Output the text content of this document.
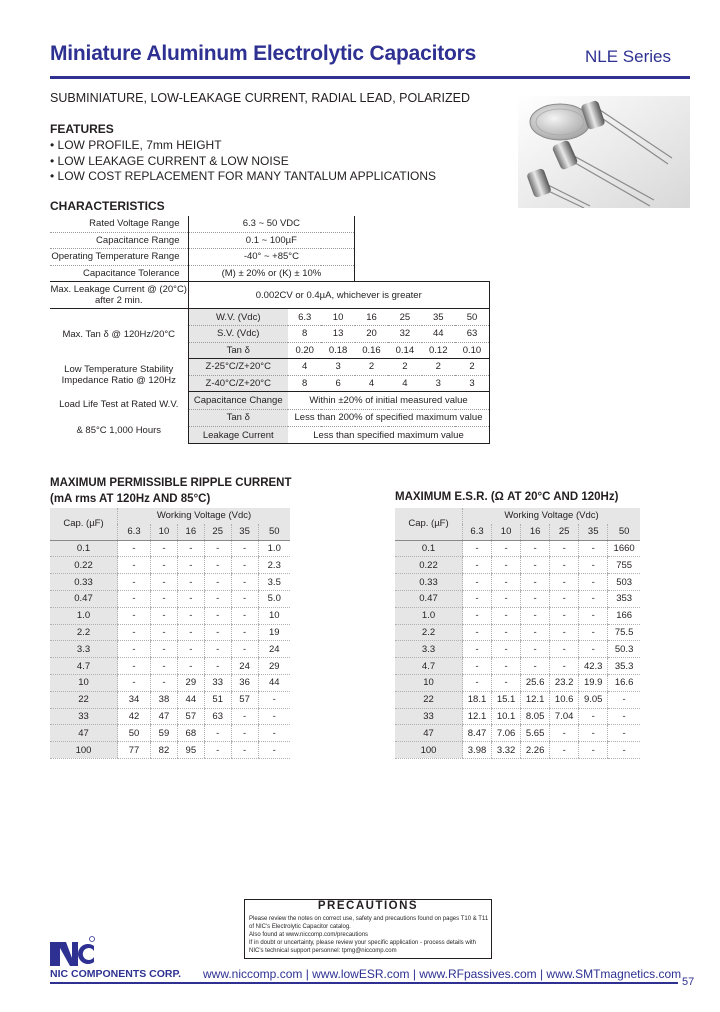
Miniature Aluminum Electrolytic Capacitors	NLE Series
SUBMINIATURE, LOW-LEAKAGE CURRENT, RADIAL LEAD, POLARIZED
FEATURES
• LOW PROFILE, 7mm HEIGHT
• LOW LEAKAGE CURRENT & LOW NOISE
• LOW COST REPLACEMENT FOR MANY TANTALUM APPLICATIONS
CHARACTERISTICS
Rated Voltage Range	6.3 ~ 50 VDC						
Capacitance Range	0.1 ~ 100µF						
Operating Temperature Range	-40° ~ +85°C						
Capacitance Tolerance	(M) ± 20% or (K) ± 10%						

Max. Leakage Current @ (20°C)
after 2 min.	0.002CV or 0.4µA, whichever is greater						
Max. Tan δ @ 120Hz/20°C	W.V. (Vdc)	6.3	10	16	25	35	50
	S.V. (Vdc)	8	13	20	32	44	63
	Tan δ	0.20	0.18	0.16	0.14	0.12	0.10

Low Temperature Stability
Impedance Ratio @ 120Hz	Z-25°C/Z+20°C	4	3	2	2	2	2
	Z-40°C/Z+20°C	8	6	4	4	3	3

Load Life Test at Rated W.V.
& 85°C 1,000 Hours	Capacitance Change	Within ±20% of initial measured value					
	Tan δ	Less than 200% of specified maximum value					
	Leakage Current	Less than specified maximum value					
MAXIMUM PERMISSIBLE RIPPLE CURRENT
(mA rms AT 120Hz AND 85°C)	MAXIMUM E.S.R. (Ω AT 20°C AND 120Hz)
Cap. (µF)	Working Voltage (Vdc)					
	6.3	10	16	25	35	50
0.1	-	-	-	-	-	1.0
0.22	-	-	-	-	-	2.3
0.33	-	-	-	-	-	3.5
0.47	-	-	-	-	-	5.0
1.0	-	-	-	-	-	10
2.2	-	-	-	-	-	19
3.3	-	-	-	-	-	24
4.7	-	-	-	-	24	29
10	-	-	29	33	36	44
22	34	38	44	51	57	-
33	42	47	57	63	-	-
47	50	59	68	-	-	-
100	77	82	95	-	-	-
Cap. (µF)	Working Voltage (Vdc)					
	6.3	10	16	25	35	50
0.1	-	-	-	-	-	1660
0.22	-	-	-	-	-	755
0.33	-	-	-	-	-	503
0.47	-	-	-	-	-	353
1.0	-	-	-	-	-	166
2.2	-	-	-	-	-	75.5
3.3	-	-	-	-	-	50.3
4.7	-	-	-	-	42.3	35.3
10	-	-	25.6	23.2	19.9	16.6
22	18.1	15.1	12.1	10.6	9.05	-
33	12.1	10.1	8.05	7.04	-	-
47	8.47	7.06	5.65	-	-	-
100	3.98	3.32	2.26	-	-	-
PRECAUTIONS
Please review the notes on correct use, safety and precautions found on pages T10 & T11
of NIC's Electrolytic Capacitor catalog.
Also found at www.niccomp.com/precautions
If in doubt or uncertainty, please review your specific application - process details with
NIC's technical support personnel: tpmg@niccomp.com
NIC COMPONENTS CORP. www.niccomp.com | www.lowESR.com | www.RFpassives.com | www.SMTmagnetics.com
57
